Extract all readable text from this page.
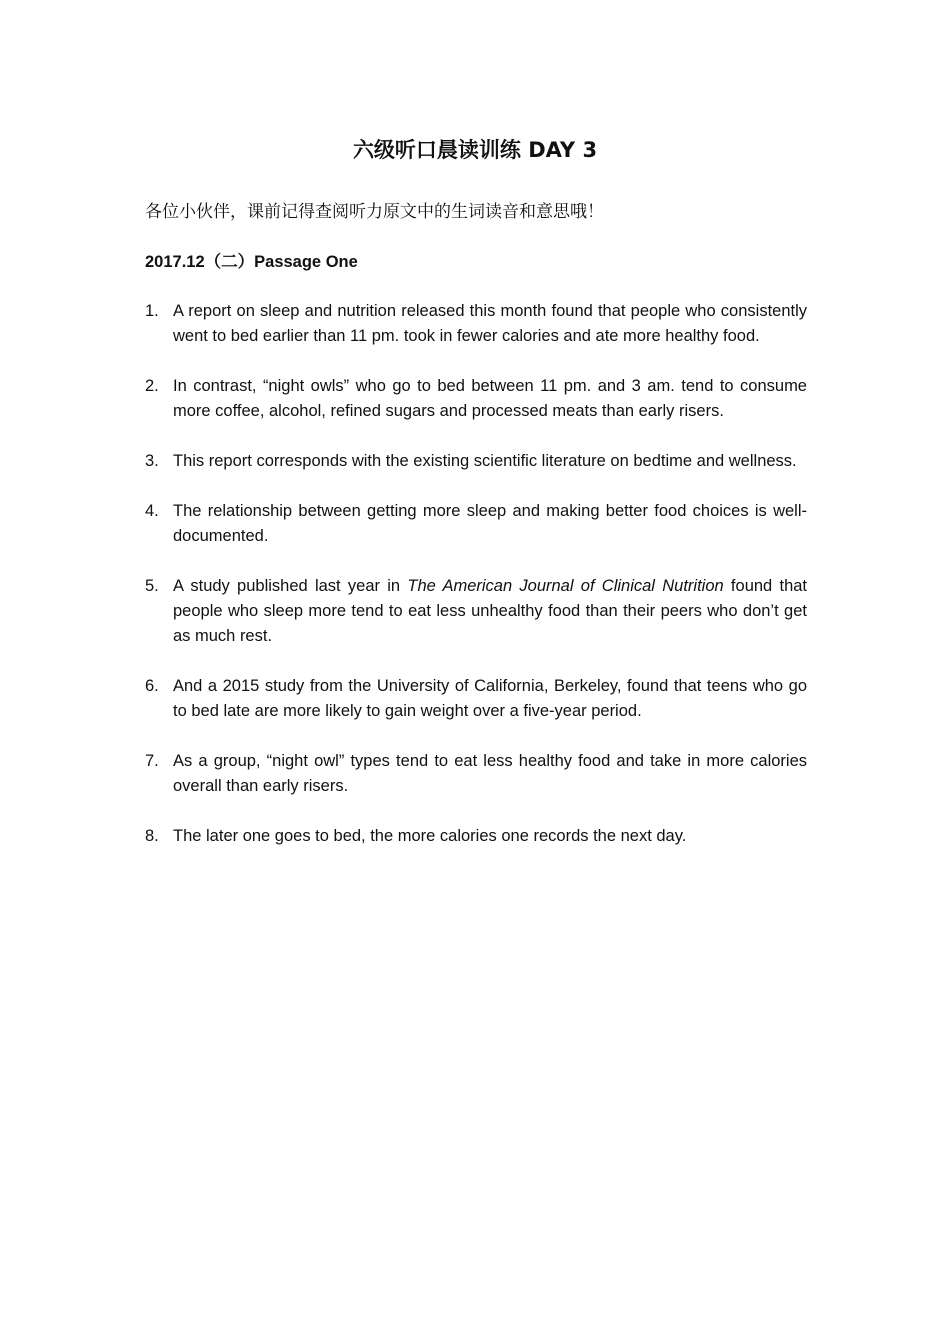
六级听口晨读训练 DAY 3
各位小伙伴，课前记得查阅听力原文中的生词读音和意思哦！
2017.12（二）Passage One
1. A report on sleep and nutrition released this month found that people who consistently went to bed earlier than 11 pm. took in fewer calories and ate more healthy food.
2. In contrast, “night owls” who go to bed between 11 pm. and 3 am. tend to consume more coffee, alcohol, refined sugars and processed meats than early risers.
3. This report corresponds with the existing scientific literature on bedtime and wellness.
4. The relationship between getting more sleep and making better food choices is well-documented.
5. A study published last year in The American Journal of Clinical Nutrition found that people who sleep more tend to eat less unhealthy food than their peers who don’t get as much rest.
6. And a 2015 study from the University of California, Berkeley, found that teens who go to bed late are more likely to gain weight over a five-year period.
7. As a group, “night owl” types tend to eat less healthy food and take in more calories overall than early risers.
8. The later one goes to bed, the more calories one records the next day.
